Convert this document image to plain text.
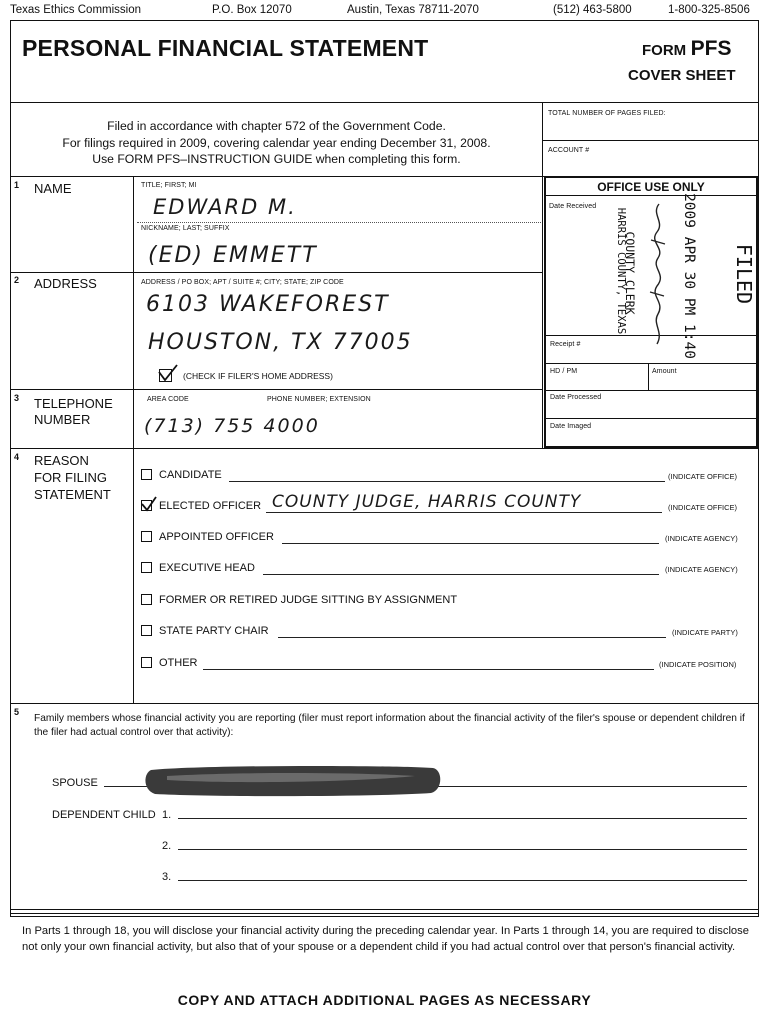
Texas Ethics Commission	P.O. Box 12070	Austin, Texas 78711-2070	(512) 463-5800	1-800-325-8506
PERSONAL FINANCIAL STATEMENT	FORM PFS
COVER SHEET
Filed in accordance with chapter 572 of the Government Code.
For filings required in 2009, covering calendar year ending December 31, 2008.
Use FORM PFS–INSTRUCTION GUIDE when completing this form.
TOTAL NUMBER OF PAGES FILED:
ACCOUNT #
1 NAME	TITLE; FIRST; MI
EDWARD M.
NICKNAME; LAST; SUFFIX
(ED) EMMETT
2 ADDRESS	ADDRESS / PO BOX; APT / SUITE #; CITY; STATE; ZIP CODE
6103 WAKEFOREST
HOUSTON, TX 77005
(CHECK IF FILER'S HOME ADDRESS)
3 TELEPHONE
NUMBER
AREA CODE	PHONE NUMBER; EXTENSION
(713) 755 4000
OFFICE USE ONLY
Date Received
Receipt #
HD / PM	Amount
Date Processed
Date Imaged
FILED
2009 APR 30 PM 1:40
COUNTY CLERK
HARRIS COUNTY, TEXAS
4 REASON
FOR FILING
STATEMENT
CANDIDATE	(INDICATE OFFICE)
ELECTED OFFICER COUNTY JUDGE, HARRIS COUNTY	(INDICATE OFFICE)
APPOINTED OFFICER	(INDICATE AGENCY)
EXECUTIVE HEAD	(INDICATE AGENCY)
FORMER OR RETIRED JUDGE SITTING BY ASSIGNMENT
STATE PARTY CHAIR	(INDICATE PARTY)
OTHER	(INDICATE POSITION)
5
Family members whose financial activity you are reporting (filer must report information about the financial activity of the filer's spouse or dependent children if the filer had actual control over that activity):
SPOUSE
DEPENDENT CHILD 1.
2.
3.
In Parts 1 through 18, you will disclose your financial activity during the preceding calendar year. In Parts 1 through 14, you are required to disclose not only your own financial activity, but also that of your spouse or a dependent child if you had actual control over that person's financial activity.
COPY AND ATTACH ADDITIONAL PAGES AS NECESSARY
